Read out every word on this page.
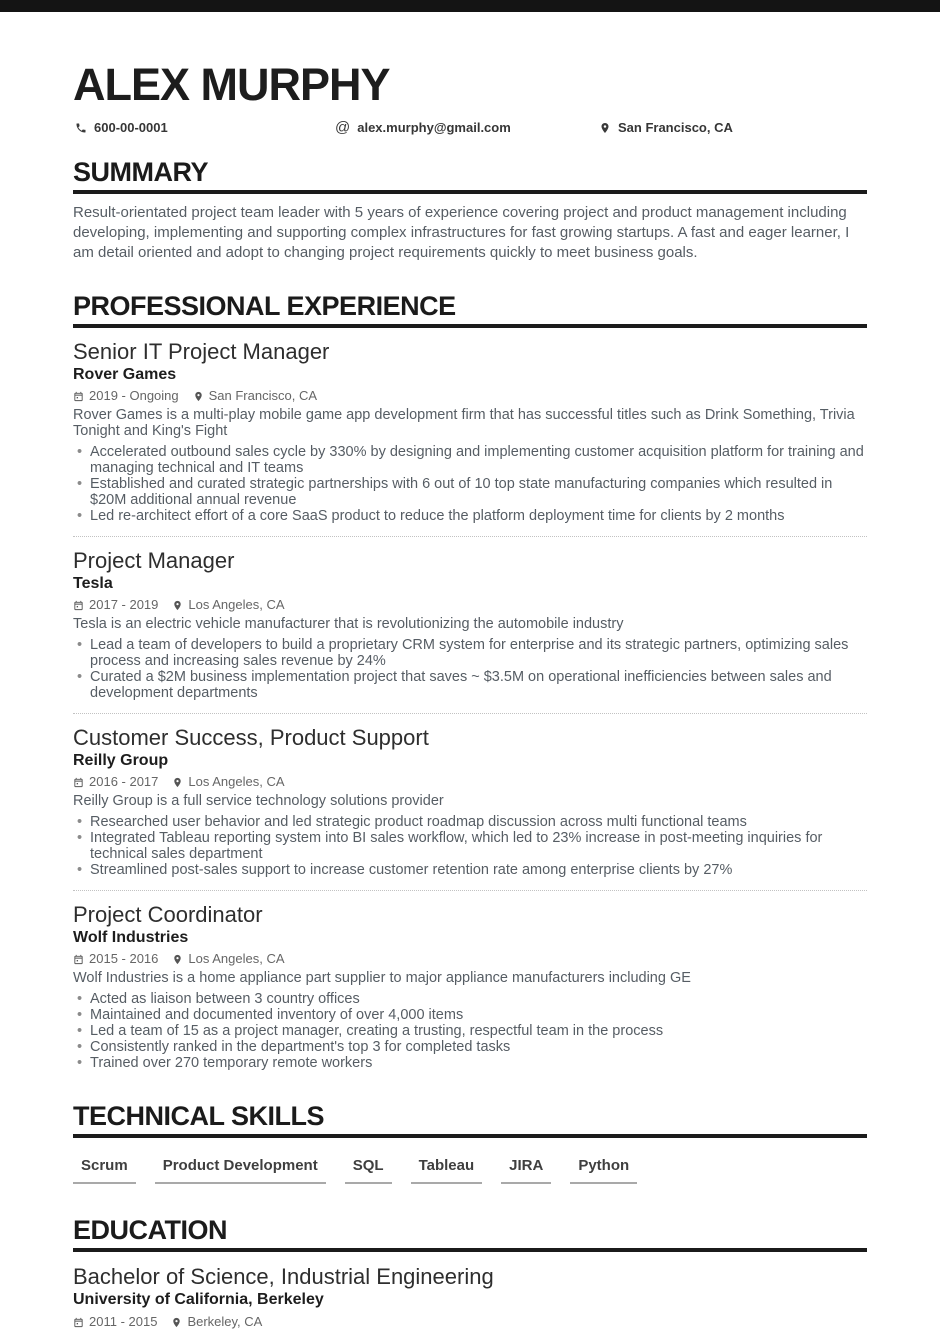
ALEX MURPHY
600-00-0001	@ alex.murphy@gmail.com	San Francisco, CA
SUMMARY

Result-orientated project team leader with 5 years of experience covering project and product management including developing, implementing and supporting complex infrastructures for fast growing startups. A fast and eager learner, I am detail oriented and adopt to changing project requirements quickly to meet business goals.

PROFESSIONAL EXPERIENCE
Senior IT Project Manager
Rover Games
2019 - Ongoing San Francisco, CA

Rover Games is a multi-play mobile game app development firm that has successful titles such as Drink Something, Trivia Tonight and King's Fight

• Accelerated outbound sales cycle by 330% by designing and implementing customer acquisition platform for training and managing technical and IT teams
• Established and curated strategic partnerships with 6 out of 10 top state manufacturing companies which resulted in $20M additional annual revenue
• Led re-architect effort of a core SaaS product to reduce the platform deployment time for clients by 2 months
Project Manager
Tesla
2017 - 2019 Los Angeles, CA

Tesla is an electric vehicle manufacturer that is revolutionizing the automobile industry

• Lead a team of developers to build a proprietary CRM system for enterprise and its strategic partners, optimizing sales process and increasing sales revenue by 24%
• Curated a $2M business implementation project that saves ~ $3.5M on operational inefficiencies between sales and development departments
Customer Success, Product Support
Reilly Group
2016 - 2017 Los Angeles, CA

Reilly Group is a full service technology solutions provider

• Researched user behavior and led strategic product roadmap discussion across multi functional teams
• Integrated Tableau reporting system into BI sales workflow, which led to 23% increase in post-meeting inquiries for technical sales department
• Streamlined post-sales support to increase customer retention rate among enterprise clients by 27%
Project Coordinator
Wolf Industries
2015 - 2016 Los Angeles, CA

Wolf Industries is a home appliance part supplier to major appliance manufacturers including GE

• Acted as liaison between 3 country offices
• Maintained and documented inventory of over 4,000 items
• Led a team of 15 as a project manager, creating a trusting, respectful team in the process
• Consistently ranked in the department's top 3 for completed tasks
• Trained over 270 temporary remote workers
TECHNICAL SKILLS
Scrum	Product Development	SQL	Tableau	JIRA	Python
EDUCATION
Bachelor of Science, Industrial Engineering
University of California, Berkeley
2011 - 2015 Berkeley, CA
